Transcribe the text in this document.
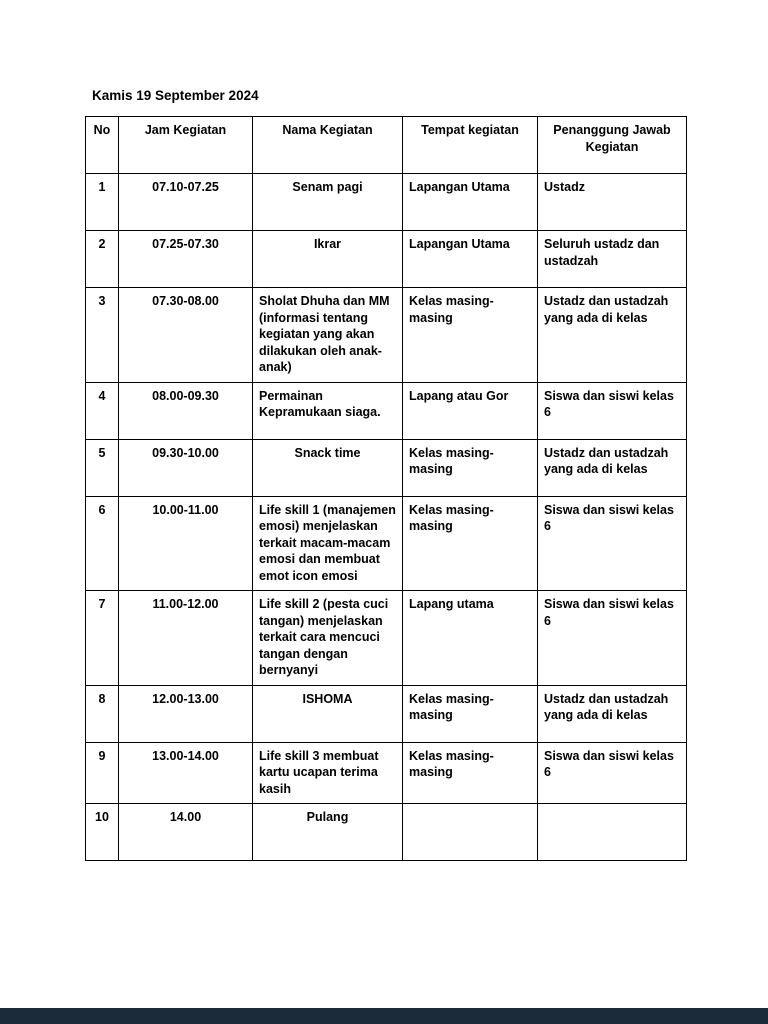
Kamis 19 September 2024
No	Jam Kegiatan	Nama Kegiatan	Tempat kegiatan	Penanggung Jawab Kegiatan
1	07.10-07.25	Senam pagi	Lapangan Utama	Ustadz
2	07.25-07.30	Ikrar	Lapangan Utama	Seluruh ustadz dan ustadzah
3	07.30-08.00	Sholat Dhuha dan MM (informasi tentang kegiatan yang akan dilakukan oleh anak-anak)	Kelas masing-masing	Ustadz dan ustadzah yang ada di kelas
4	08.00-09.30	Permainan Kepramukaan siaga.	Lapang atau Gor	Siswa dan siswi kelas 6
5	09.30-10.00	Snack time	Kelas masing-masing	Ustadz dan ustadzah yang ada di kelas
6	10.00-11.00	Life skill 1 (manajemen emosi) menjelaskan terkait macam-macam emosi dan membuat emot icon emosi	Kelas masing-masing	Siswa dan siswi kelas 6
7	11.00-12.00	Life skill 2 (pesta cuci tangan) menjelaskan terkait cara mencuci tangan dengan bernyanyi	Lapang utama	Siswa dan siswi kelas 6
8	12.00-13.00	ISHOMA	Kelas masing-masing	Ustadz dan ustadzah yang ada di kelas
9	13.00-14.00	Life skill 3 membuat kartu ucapan terima kasih	Kelas masing-masing	Siswa dan siswi kelas 6
10	14.00	Pulang		
